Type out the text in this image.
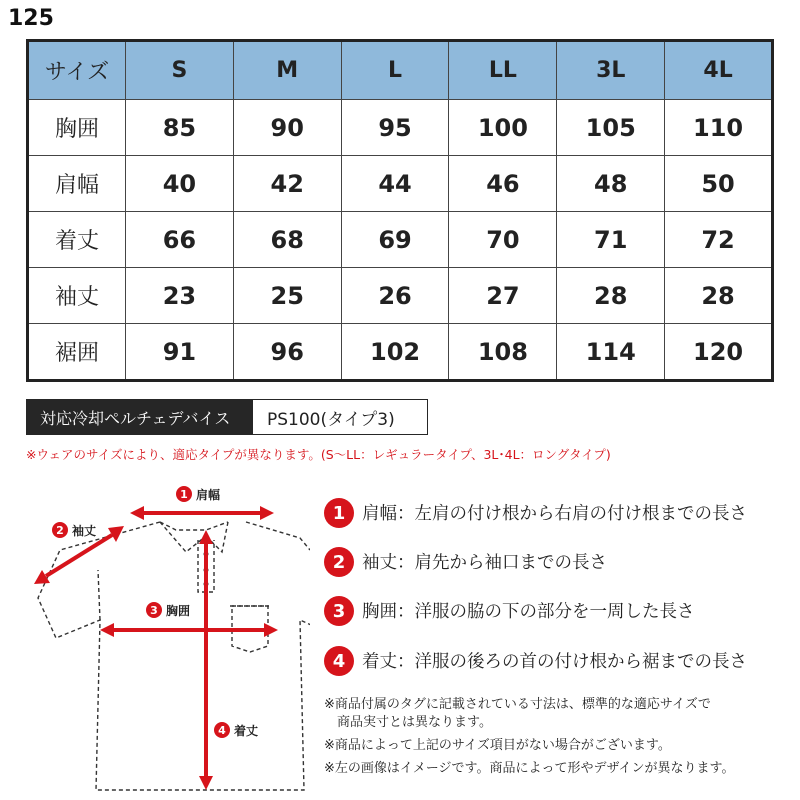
125
サイズ	S	M	L	LL	3L	4L
胸囲	85	90	95	100	105	110
肩幅	40	42	44	46	48	50
着丈	66	68	69	70	71	72
袖丈	23	25	26	27	28	28
裾囲	91	96	102	108	114	120
対応冷却ペルチェデバイス	PS100(タイプ3)
※ウェアのサイズにより、適応タイプが異なります。(S〜LL：レギュラータイプ、3L･4L：ロングタイプ)
1 肩幅
2 袖丈
3 胸囲
4 着丈
1 肩幅：左肩の付け根から右肩の付け根までの長さ
2 袖丈：肩先から袖口までの長さ
3 胸囲：洋服の脇の下の部分を一周した長さ
4 着丈：洋服の後ろの首の付け根から裾までの長さ
※商品付属のタグに記載されている寸法は、標準的な適応サイズで
　商品実寸とは異なります。
※商品によって上記のサイズ項目がない場合がございます。
※左の画像はイメージです。商品によって形やデザインが異なります。
